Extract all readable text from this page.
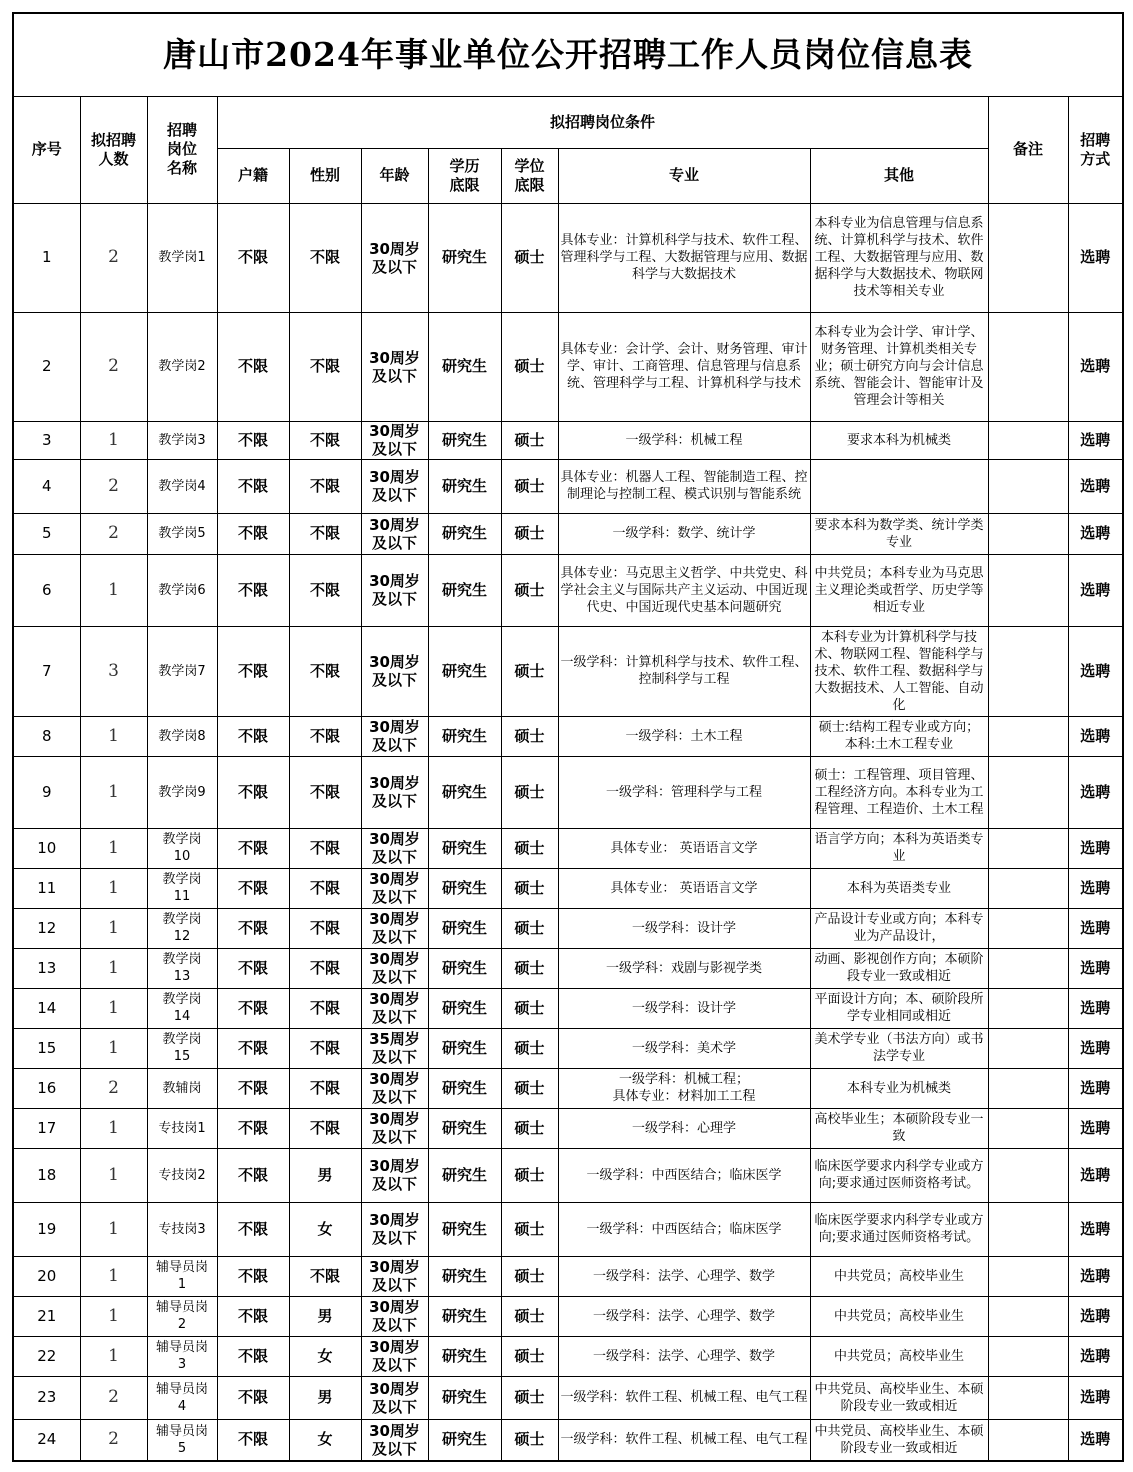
唐山市2024年事业单位公开招聘工作人员岗位信息表											
序号	拟招聘人数	招聘岗位名称	拟招聘岗位条件							备注	招聘方式
			户籍	性别	年龄	学历底限	学位底限	专业	其他		
1	2	教学岗1	不限	不限	30周岁及以下	研究生	硕士	具体专业：计算机科学与技术、软件工程、管理科学与工程、大数据管理与应用、数据科学与大数据技术	本科专业为信息管理与信息系统、计算机科学与技术、软件工程、大数据管理与应用、数据科学与大数据技术、物联网技术等相关专业		选聘
2	2	教学岗2	不限	不限	30周岁及以下	研究生	硕士	具体专业：会计学、会计、财务管理、审计学、审计、工商管理、信息管理与信息系统、管理科学与工程、计算机科学与技术	本科专业为会计学、审计学、财务管理、计算机类相关专业；硕士研究方向与会计信息系统、智能会计、智能审计及管理会计等相关		选聘
3	1	教学岗3	不限	不限	30周岁及以下	研究生	硕士	一级学科：机械工程	要求本科为机械类		选聘
4	2	教学岗4	不限	不限	30周岁及以下	研究生	硕士	具体专业：机器人工程、智能制造工程、控制理论与控制工程、模式识别与智能系统			选聘
5	2	教学岗5	不限	不限	30周岁及以下	研究生	硕士	一级学科：数学、统计学	要求本科为数学类、统计学类专业		选聘
6	1	教学岗6	不限	不限	30周岁及以下	研究生	硕士	具体专业：马克思主义哲学、中共党史、科学社会主义与国际共产主义运动、中国近现代史、中国近现代史基本问题研究	中共党员；本科专业为马克思主义理论类或哲学、历史学等相近专业		选聘
7	3	教学岗7	不限	不限	30周岁及以下	研究生	硕士	一级学科：计算机科学与技术、软件工程、控制科学与工程	本科专业为计算机科学与技术、物联网工程、智能科学与技术、软件工程、数据科学与大数据技术、人工智能、自动化		选聘
8	1	教学岗8	不限	不限	30周岁及以下	研究生	硕士	一级学科：土木工程	硕士:结构工程专业或方向；本科:土木工程专业		选聘
9	1	教学岗9	不限	不限	30周岁及以下	研究生	硕士	一级学科：管理科学与工程	硕士：工程管理、项目管理、工程经济方向。本科专业为工程管理、工程造价、土木工程		选聘
10	1	教学岗10	不限	不限	30周岁及以下	研究生	硕士	具体专业： 英语语言文学	语言学方向；本科为英语类专业		选聘
11	1	教学岗11	不限	不限	30周岁及以下	研究生	硕士	具体专业： 英语语言文学	本科为英语类专业		选聘
12	1	教学岗12	不限	不限	30周岁及以下	研究生	硕士	一级学科：设计学	产品设计专业或方向；本科专业为产品设计，		选聘
13	1	教学岗13	不限	不限	30周岁及以下	研究生	硕士	一级学科：戏剧与影视学类	动画、影视创作方向；本硕阶段专业一致或相近		选聘
14	1	教学岗14	不限	不限	30周岁及以下	研究生	硕士	一级学科：设计学	平面设计方向；本、硕阶段所学专业相同或相近		选聘
15	1	教学岗15	不限	不限	35周岁及以下	研究生	硕士	一级学科：美术学	美术学专业（书法方向）或书法学专业		选聘
16	2	教辅岗	不限	不限	30周岁及以下	研究生	硕士	一级学科：机械工程；
具体专业：材料加工工程	本科专业为机械类		选聘
17	1	专技岗1	不限	不限	30周岁及以下	研究生	硕士	一级学科：心理学	高校毕业生；本硕阶段专业一致		选聘
18	1	专技岗2	不限	男	30周岁及以下	研究生	硕士	一级学科：中西医结合；临床医学	临床医学要求内科学专业或方向;要求通过医师资格考试。		选聘
19	1	专技岗3	不限	女	30周岁及以下	研究生	硕士	一级学科：中西医结合；临床医学	临床医学要求内科学专业或方向;要求通过医师资格考试。		选聘
20	1	辅导员岗1	不限	不限	30周岁及以下	研究生	硕士	一级学科：法学、心理学、数学	中共党员；高校毕业生		选聘
21	1	辅导员岗2	不限	男	30周岁及以下	研究生	硕士	一级学科：法学、心理学、数学	中共党员；高校毕业生		选聘
22	1	辅导员岗3	不限	女	30周岁及以下	研究生	硕士	一级学科：法学、心理学、数学	中共党员；高校毕业生		选聘
23	2	辅导员岗4	不限	男	30周岁及以下	研究生	硕士	一级学科：软件工程、机械工程、电气工程	中共党员、高校毕业生、本硕阶段专业一致或相近		选聘
24	2	辅导员岗5	不限	女	30周岁及以下	研究生	硕士	一级学科：软件工程、机械工程、电气工程	中共党员、高校毕业生、本硕阶段专业一致或相近		选聘
